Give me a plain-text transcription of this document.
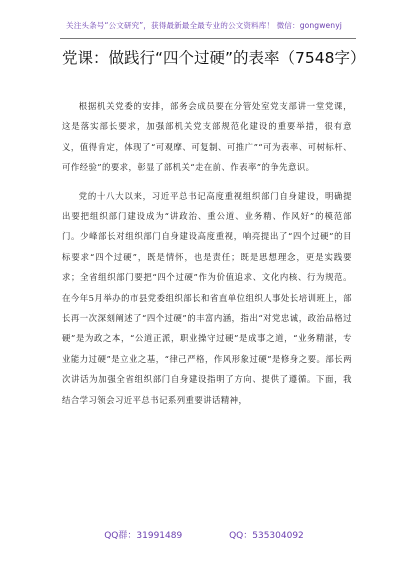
关注头条号“公文研究”，获得最新最全最专业的公文资料库！ 微信：gongwenyj
党课：做践行“四个过硬”的表率（7548字）

根据机关党委的安排，部务会成员要在分管处室党支部讲一堂党课，这是落实部长要求，加强部机关党支部规范化建设的重要举措，很有意义，值得肯定，体现了“可观摩、可复制、可推广”“可为表率、可树标杆、可作经验”的要求，彰显了部机关“走在前、作表率”的争先意识。

党的十八大以来，习近平总书记高度重视组织部门自身建设，明确提出要把组织部门建设成为“讲政治、重公道、业务精、作风好”的模范部门。少峰部长对组织部门自身建设高度重视，响亮提出了“四个过硬”的目标要求“四个过硬”，既是情怀，也是责任；既是思想理念，更是实践要求；全省组织部门要把“四个过硬”作为价值追求、文化内核、行为规范。在今年5月举办的市县党委组织部长和省直单位组织人事处长培训班上，部长再一次深刻阐述了“四个过硬”的丰富内涵，指出“对党忠诚，政治品格过硬”是为政之本，“公道正派，职业操守过硬”是成事之道，“业务精湛，专业能力过硬”是立业之基，“律己严格，作风形象过硬”是修身之要。部长两次讲话为加强全省组织部门自身建设指明了方向、提供了遵循。下面，我结合学习领会习近平总书记系列重要讲话精神，

QQ群：31991489	QQ：535304092
